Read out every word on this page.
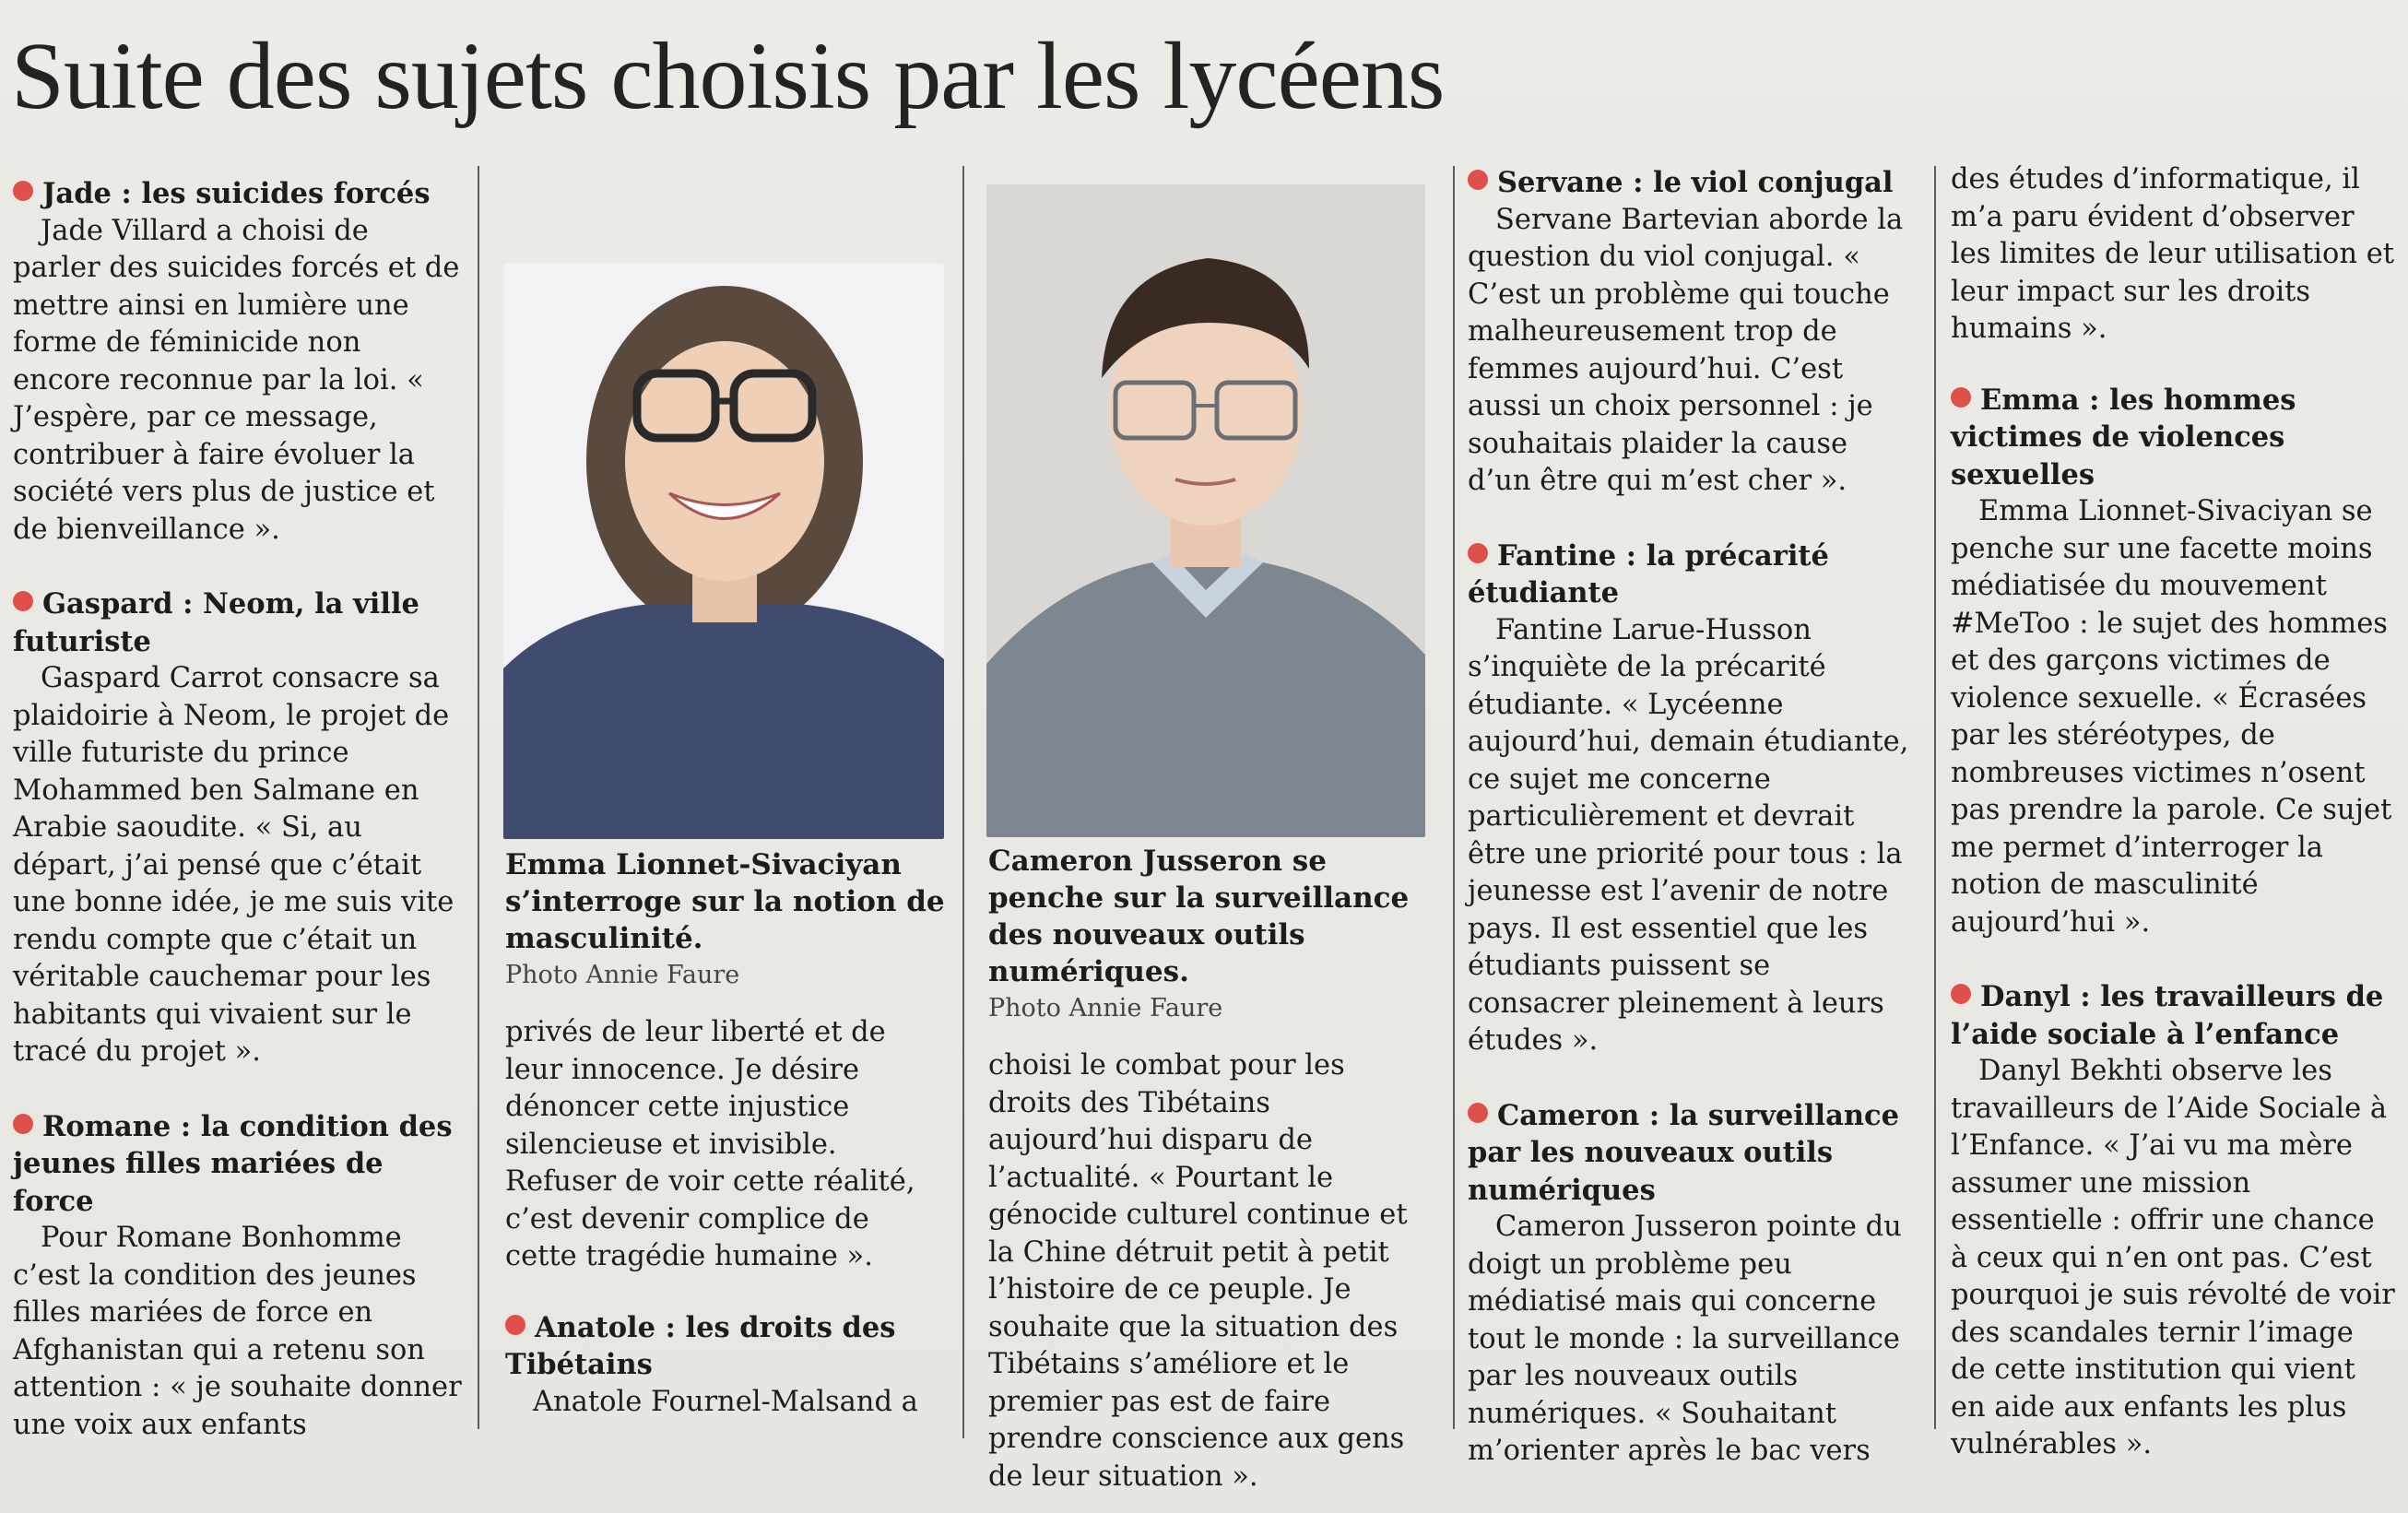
Suite des sujets choisis par les lycéens

Jade : les suicides forcés

Jade Villard a choisi de parler des suicides forcés et de mettre ainsi en lumière une forme de féminicide non encore reconnue par la loi. « J’espère, par ce message, contribuer à faire évoluer la société vers plus de justice et de bienveillance ».

Gaspard : Neom, la ville futuriste

Gaspard Carrot consacre sa plaidoirie à Neom, le projet de ville futuriste du prince Mohammed ben Salmane en Arabie saoudite. « Si, au départ, j’ai pensé que c’était une bonne idée, je me suis vite rendu compte que c’était un véritable cauchemar pour les habitants qui vivaient sur le tracé du projet ».

Romane : la condition des jeunes filles mariées de force

Pour Romane Bonhomme c’est la condition des jeunes filles mariées de force en Afghanistan qui a retenu son attention : « je souhaite donner une voix aux enfants

Emma Lionnet-Sivaciyan s’interroge sur la notion de masculinité.

Photo Annie Faure

privés de leur liberté et de leur innocence. Je désire dénoncer cette injustice silencieuse et invisible. Refuser de voir cette réalité, c’est devenir complice de cette tragédie humaine ».

Anatole : les droits des Tibétains

Anatole Fournel-Malsand a

Cameron Jusseron se penche sur la surveillance des nouveaux outils numériques.

Photo Annie Faure

choisi le combat pour les droits des Tibétains aujourd’hui disparu de l’actualité. « Pourtant le génocide culturel continue et la Chine détruit petit à petit l’histoire de ce peuple. Je souhaite que la situation des Tibétains s’améliore et le premier pas est de faire prendre conscience aux gens de leur situation ».

Servane : le viol conjugal

Servane Bartevian aborde la question du viol conjugal. « C’est un problème qui touche malheureusement trop de femmes aujourd’hui. C’est aussi un choix personnel : je souhaitais plaider la cause d’un être qui m’est cher ».

Fantine : la précarité étudiante

Fantine Larue-Husson s’inquiète de la précarité étudiante. « Lycéenne aujourd’hui, demain étudiante, ce sujet me concerne particulièrement et devrait être une priorité pour tous : la jeunesse est l’avenir de notre pays. Il est essentiel que les étudiants puissent se consacrer pleinement à leurs études ».

Cameron : la surveillance par les nouveaux outils numériques

Cameron Jusseron pointe du doigt un problème peu médiatisé mais qui concerne tout le monde : la surveillance par les nouveaux outils numériques. « Souhaitant m’orienter après le bac vers

des études d’informatique, il m’a paru évident d’observer les limites de leur utilisation et leur impact sur les droits humains ».

Emma : les hommes victimes de violences sexuelles

Emma Lionnet-Sivaciyan se penche sur une facette moins médiatisée du mouvement #MeToo : le sujet des hommes et des garçons victimes de violence sexuelle. « Écrasées par les stéréotypes, de nombreuses victimes n’osent pas prendre la parole. Ce sujet me permet d’interroger la notion de masculinité aujourd’hui ».

Danyl : les travailleurs de l’aide sociale à l’enfance

Danyl Bekhti observe les travailleurs de l’Aide Sociale à l’Enfance. « J’ai vu ma mère assumer une mission essentielle : offrir une chance à ceux qui n’en ont pas. C’est pourquoi je suis révolté de voir des scandales ternir l’image de cette institution qui vient en aide aux enfants les plus vulnérables ».
